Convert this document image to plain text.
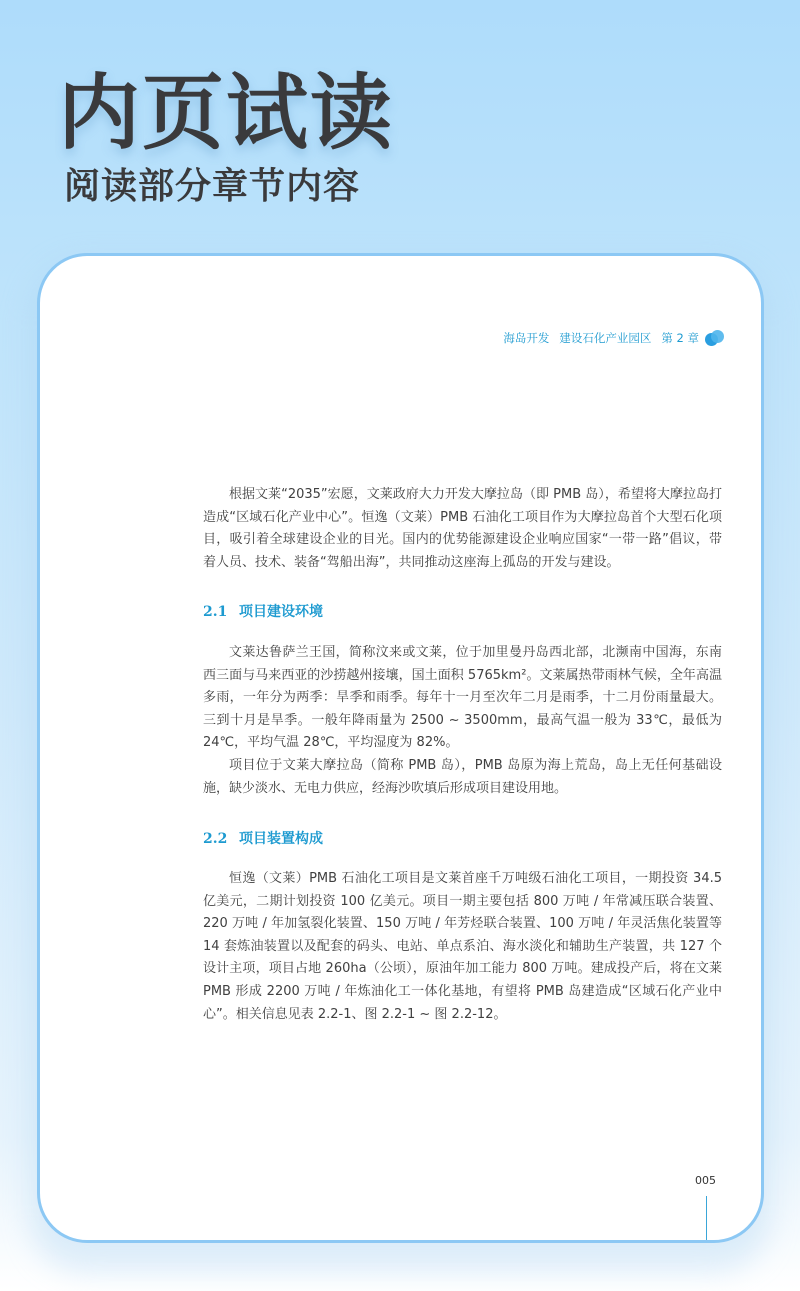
内页试读
阅读部分章节内容
海岛开发 建设石化产业园区 第 2 章

根据文莱“2035”宏愿，文莱政府大力开发大摩拉岛（即 PMB 岛），希望将大摩拉岛打造成“区域石化产业中心”。恒逸（文莱）PMB 石油化工项目作为大摩拉岛首个大型石化项目，吸引着全球建设企业的目光。国内的优势能源建设企业响应国家“一带一路”倡议，带着人员、技术、装备“驾船出海”，共同推动这座海上孤岛的开发与建设。

2.1 项目建设环境

文莱达鲁萨兰王国，简称汶来或文莱，位于加里曼丹岛西北部，北濒南中国海，东南西三面与马来西亚的沙捞越州接壤，国土面积 5765km²。文莱属热带雨林气候，全年高温多雨，一年分为两季：旱季和雨季。每年十一月至次年二月是雨季，十二月份雨量最大。三到十月是旱季。一般年降雨量为 2500 ~ 3500mm，最高气温一般为 33℃，最低为 24℃，平均气温 28℃，平均湿度为 82%。

项目位于文莱大摩拉岛（简称 PMB 岛），PMB 岛原为海上荒岛，岛上无任何基础设施，缺少淡水、无电力供应，经海沙吹填后形成项目建设用地。

2.2 项目装置构成

恒逸（文莱）PMB 石油化工项目是文莱首座千万吨级石油化工项目，一期投资 34.5 亿美元，二期计划投资 100 亿美元。项目一期主要包括 800 万吨 / 年常减压联合装置、220 万吨 / 年加氢裂化装置、150 万吨 / 年芳烃联合装置、100 万吨 / 年灵活焦化装置等 14 套炼油装置以及配套的码头、电站、单点系泊、海水淡化和辅助生产装置，共 127 个设计主项，项目占地 260ha（公顷），原油年加工能力 800 万吨。建成投产后，将在文莱 PMB 形成 2200 万吨 / 年炼油化工一体化基地，有望将 PMB 岛建造成“区域石化产业中心”。相关信息见表 2.2-1、图 2.2-1 ~ 图 2.2-12。

005
